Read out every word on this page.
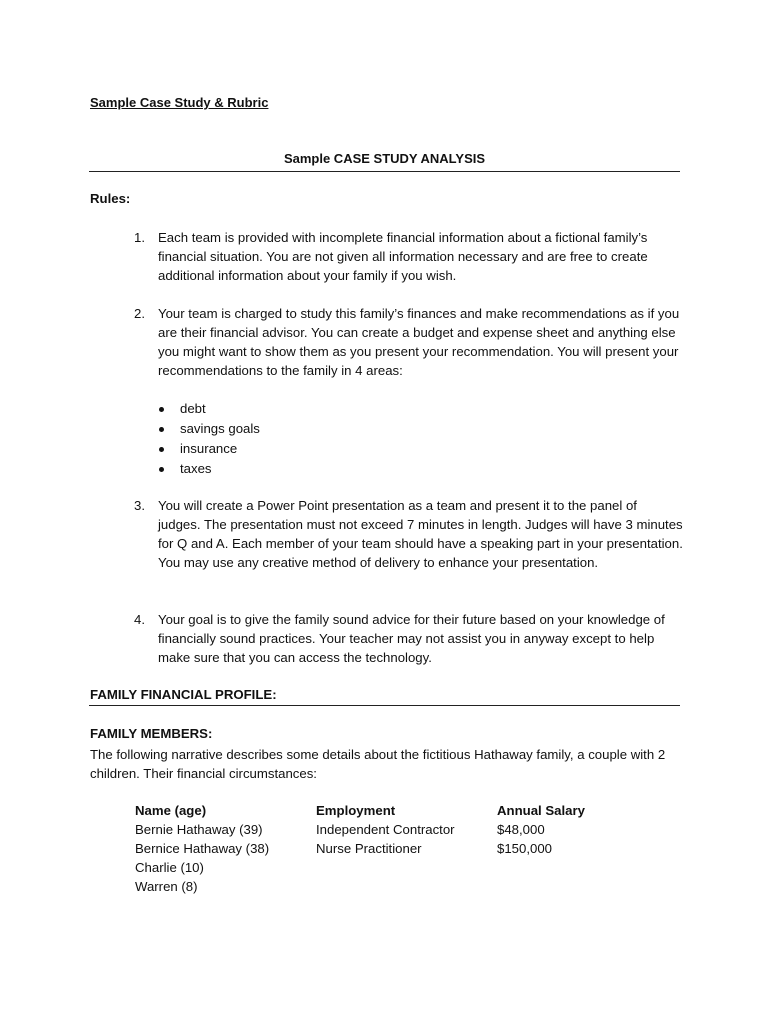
Sample Case Study & Rubric
Sample CASE STUDY ANALYSIS
Rules:
1. Each team is provided with incomplete financial information about a fictional family’s financial situation. You are not given all information necessary and are free to create additional information about your family if you wish.
2. Your team is charged to study this family’s finances and make recommendations as if you are their financial advisor. You can create a budget and expense sheet and anything else you might want to show them as you present your recommendation. You will present your recommendations to the family in 4 areas:
debt
savings goals
insurance
taxes
3. You will create a Power Point presentation as a team and present it to the panel of judges. The presentation must not exceed 7 minutes in length. Judges will have 3 minutes for Q and A. Each member of your team should have a speaking part in your presentation. You may use any creative method of delivery to enhance your presentation.
4. Your goal is to give the family sound advice for their future based on your knowledge of financially sound practices. Your teacher may not assist you in anyway except to help make sure that you can access the technology.
FAMILY FINANCIAL PROFILE:
FAMILY MEMBERS:
The following narrative describes some details about the fictitious Hathaway family, a couple with 2 children. Their financial circumstances:
Name (age)
Bernie Hathaway (39)
Bernice Hathaway (38)
Charlie (10)
Warren (8)
Employment
Independent Contractor
Nurse Practitioner
Annual Salary
$48,000
$150,000
